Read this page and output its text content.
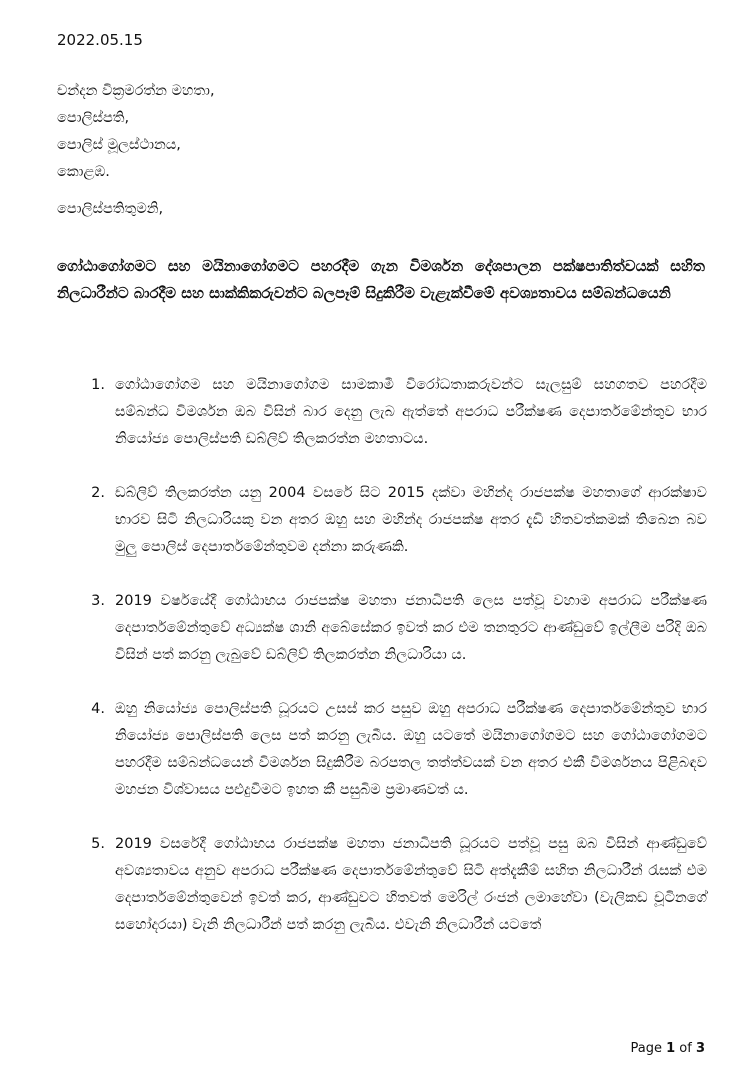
2022.05.15

චන්දන වික්‍රමරත්න මහතා,
පොලිස්පති,
පොලිස් මූලස්ථානය,
කොළඹ.

පොලිස්පතිතුමනි,

ගෝඨාගෝගමට සහ මයිනාගෝගමට පහරදීම ගැන විමර්ශන දේශපාලන පක්ෂපාතිත්වයක් සහිත නිලධාරීන්ට බාරදීම සහ සාක්කිකරුවන්ට බලපෑම් සිදුකිරීම වැළැක්වීමේ අවශ්‍යතාවය සම්බන්ධයෙනි

1. ගෝඨාගෝගම සහ මයිනාගෝගම සාමකාමී විරෝධතාකරුවන්ට සැලසුම් සහගතව පහරදීම සම්බන්ධ විමර්ශන ඔබ විසින් බාර දෙනු ලැබ ඇත්තේ අපරාධ පරීක්ෂණ දෙපාර්තමේන්තුව භාර නියෝජ්‍ය පොලිස්පති ඩබ්ලිව් තිලකරත්න මහතාටය.

2. ඩබ්ලිව් තිලකරත්න යනු 2004 වසරේ සිට 2015 දක්වා මහින්ද රාජපක්ෂ මහතාගේ ආරක්ෂාව භාරව සිටි නිලධාරියකු වන අතර ඔහු සහ මහින්ද රාජපක්ෂ අතර දැඩි හිතවත්කමක් තිබෙන බව මුලු පොලිස් දෙපාර්තමේන්තුවම දන්නා කරුණකි.

3. 2019 වර්ෂයේදී ගෝඨාභය රාජපක්ෂ මහතා ජනාධිපති ලෙස පත්වූ වහාම අපරාධ පරීක්ෂණ දෙපාර්තමේන්තුවේ අධ්‍යක්ෂ ශානි අබේසේකර ඉවත් කර එම තනතුරට ආණ්ඩුවේ ඉල්ලීම පරිදි ඔබ විසින් පත් කරනු ලැබුවේ ඩබ්ලිව් තිලකරත්න නිලධාරියා ය.

4. ඔහු නියෝජ්‍ය පොලිස්පති ධූරයට උසස් කර පසුව ඔහු අපරාධ පරීක්ෂණ දෙපාර්තමේන්තුව භාර නියෝජ්‍ය පොලිස්පති ලෙස පත් කරනු ලැබීය. ඔහු යටතේ මයිනාගෝගමට සහ ගෝඨාගෝගමට පහරදීම සම්බන්ධයෙන් විමර්ශන සිදුකිරීම බරපතල තත්ත්වයක් වන අතර එකී විමර්ශනය පිළිබඳව මහජන විශ්වාසය පළුදුවීමට ඉහත කී පසුබිම ප්‍රමාණවත් ය.

5. 2019 වසරේදී ගෝඨාභය රාජපක්ෂ මහතා ජනාධිපති ධූරයට පත්වූ පසු ඔබ විසින් ආණ්ඩුවේ අවශ්‍යතාවය අනුව අපරාධ පරීක්ෂණ දෙපාර්තමේන්තුවේ සිටි අත්දැකීම් සහිත නිලධාරීන් රැසක් එම දෙපාර්තමේන්තුවෙන් ඉවත් කර, ආණ්ඩුවට හිතවත් මෙරිල් රංජන් ලමාහේවා (වැලිකඩ චූටිනගේ සහෝදරයා) වැනි නිලධාරීන් පත් කරනු ලැබීය. එවැනි නිලධාරීන් යටතේ

Page 1 of 3
